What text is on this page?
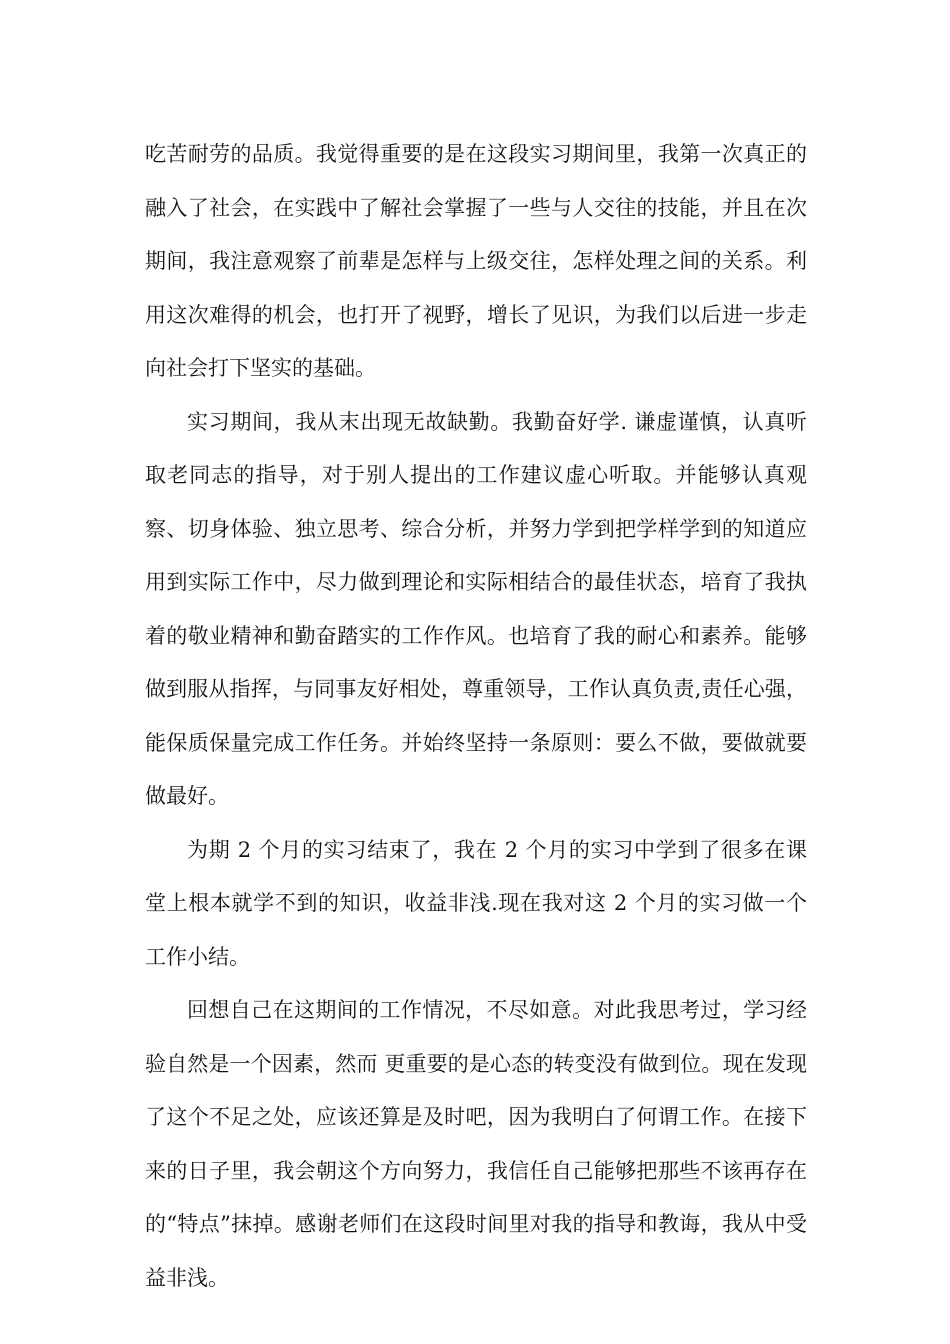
吃苦耐劳的品质。我觉得重要的是在这段实习期间里，我第一次真正的融入了社会，在实践中了解社会掌握了一些与人交往的技能，并且在次期间，我注意观察了前辈是怎样与上级交往，怎样处理之间的关系。利用这次难得的机会，也打开了视野，增长了见识，为我们以后进一步走向社会打下坚实的基础。

实习期间，我从末出现无故缺勤。我勤奋好学. 谦虚谨慎，认真听取老同志的指导，对于别人提出的工作建议虚心听取。并能够认真观察、切身体验、独立思考、综合分析，并努力学到把学样学到的知道应用到实际工作中，尽力做到理论和实际相结合的最佳状态，培育了我执着的敬业精神和勤奋踏实的工作作风。也培育了我的耐心和素养。能够做到服从指挥，与同事友好相处，尊重领导，工作认真负责,责任心强，能保质保量完成工作任务。并始终坚持一条原则：要么不做，要做就要做最好。

为期 2 个月的实习结束了，我在 2 个月的实习中学到了很多在课堂上根本就学不到的知识，收益非浅.现在我对这 2 个月的实习做一个工作小结。

回想自己在这期间的工作情况，不尽如意。对此我思考过，学习经验自然是一个因素，然而 更重要的是心态的转变没有做到位。现在发现了这个不足之处，应该还算是及时吧，因为我明白了何谓工作。在接下来的日子里，我会朝这个方向努力，我信任自己能够把那些不该再存在的“特点”抹掉。感谢老师们在这段时间里对我的指导和教诲，我从中受益非浅。
